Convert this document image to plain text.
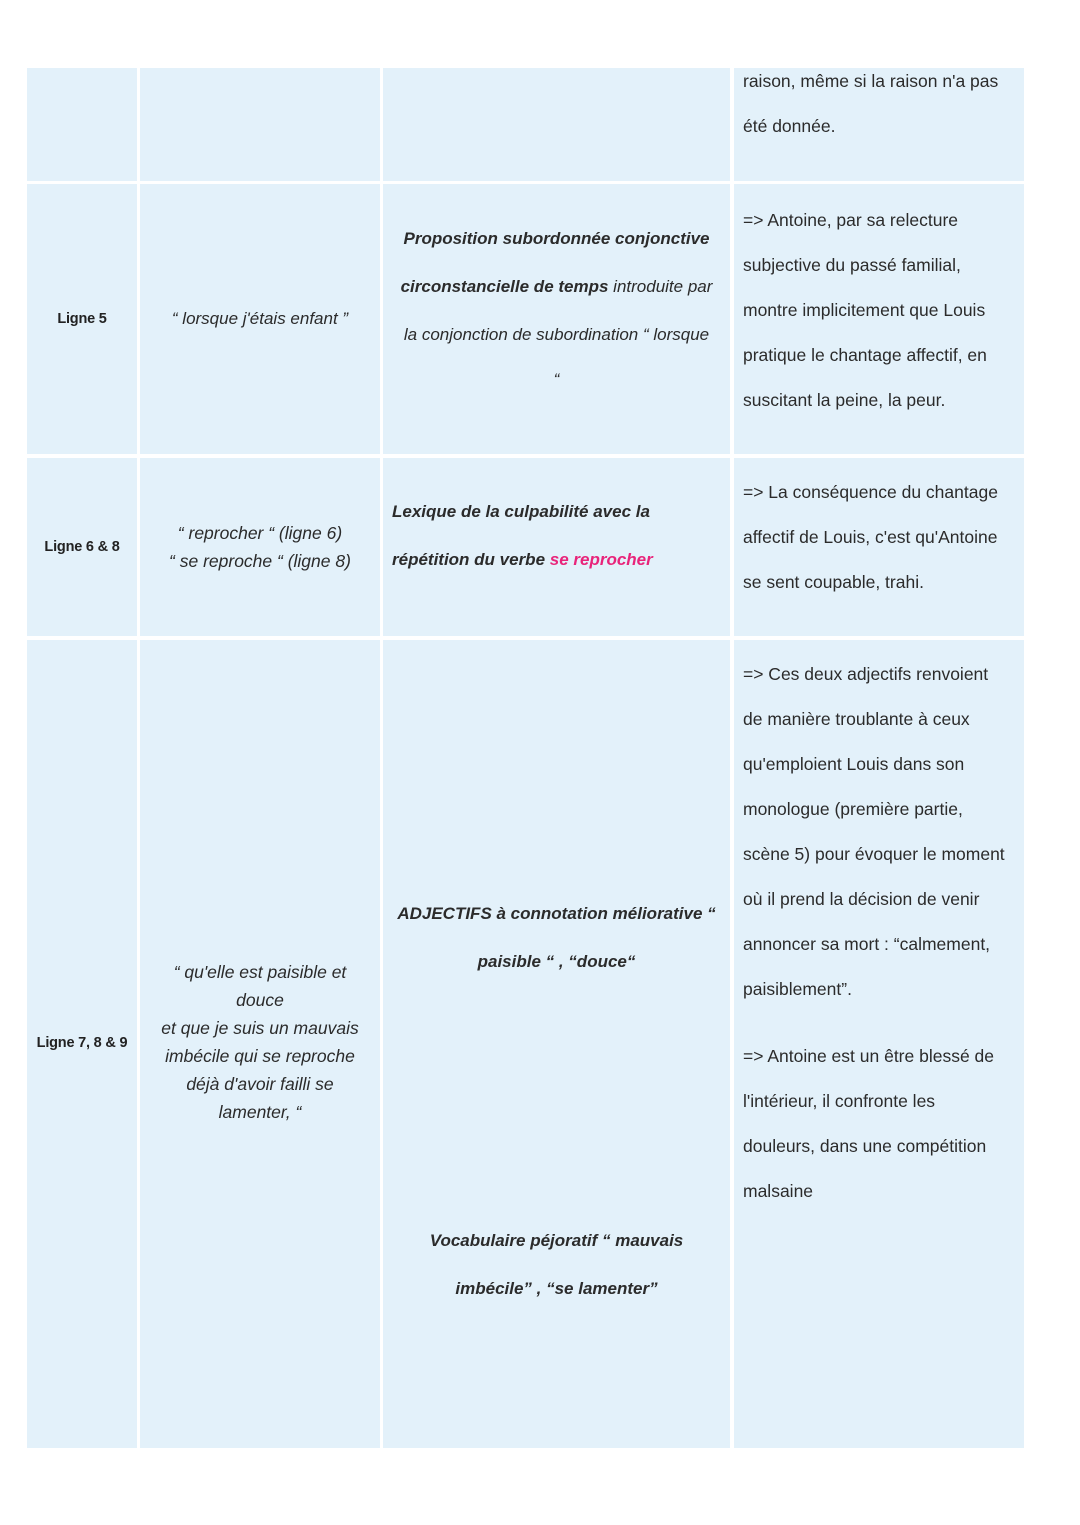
raison, même si la raison n'a pas

été donnée.

Ligne 5	“ lorsque j'étais enfant ”
Proposition subordonnée conjonctive
circonstancielle de temps introduite par
la conjonction de subordination “ lorsque
“

=> Antoine, par sa relecture

subjective du passé familial,

montre implicitement que Louis

pratique le chantage affectif, en

suscitant la peine, la peur.

Ligne 6 & 8
“ reprocher “ (ligne 6)
“ se reproche “ (ligne 8)
Lexique de la culpabilité avec la
répétition du verbe se reprocher

=> La conséquence du chantage

affectif de Louis, c'est qu'Antoine

se sent coupable, trahi.

Ligne 7, 8 & 9
“ qu'elle est paisible et
douce
et que je suis un mauvais
imbécile qui se reproche
déjà d'avoir failli se
lamenter, “
ADJECTIFS à connotation méliorative “
paisible “ , “douce“
Vocabulaire péjoratif “ mauvais
imbécile” , “se lamenter”

=> Ces deux adjectifs renvoient

de manière troublante à ceux

qu'emploient Louis dans son

monologue (première partie,

scène 5) pour évoquer le moment

où il prend la décision de venir

annoncer sa mort : “calmement,

paisiblement”.

=> Antoine est un être blessé de

l'intérieur, il confronte les

douleurs, dans une compétition

malsaine
